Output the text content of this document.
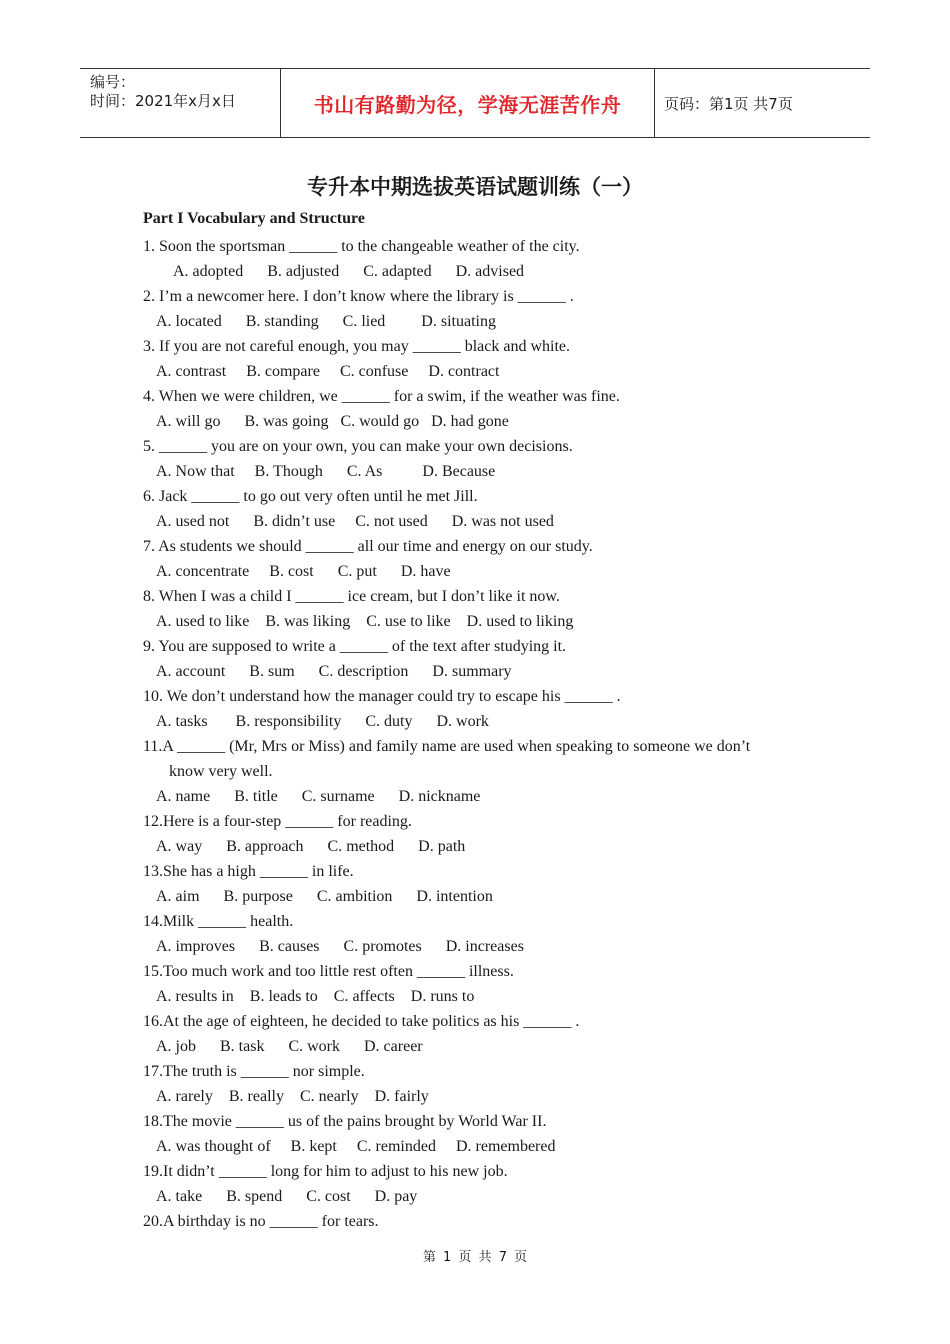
编号：
时间：2021年x月x日	书山有路勤为径，学海无涯苦作舟	页码：第1页 共7页
专升本中期选拔英语试题训练（一）
Part I Vocabulary and Structure
1. Soon the sportsman ______ to the changeable weather of the city.
A. adopted      B. adjusted      C. adapted      D. advised
2. I’m a newcomer here. I don’t know where the library is ______ .
A. located      B. standing      C. lied         D. situating
3. If you are not careful enough, you may ______ black and white.
A. contrast     B. compare     C. confuse     D. contract
4. When we were children, we ______ for a swim, if the weather was fine.
A. will go      B. was going   C. would go   D. had gone
5. ______ you are on your own, you can make your own decisions.
A. Now that     B. Though      C. As          D. Because
6. Jack ______ to go out very often until he met Jill.
A. used not      B. didn’t use     C. not used      D. was not used
7. As students we should ______ all our time and energy on our study.
A. concentrate     B. cost      C. put      D. have
8. When I was a child I ______ ice cream, but I don’t like it now.
A. used to like    B. was liking    C. use to like    D. used to liking
9. You are supposed to write a ______ of the text after studying it.
A. account      B. sum      C. description      D. summary
10. We don’t understand how the manager could try to escape his ______ .
A. tasks       B. responsibility      C. duty      D. work
11.A ______ (Mr, Mrs or Miss) and family name are used when speaking to someone we don’t
know very well.
A. name      B. title      C. surname      D. nickname
12.Here is a four-step ______ for reading.
A. way      B. approach      C. method      D. path
13.She has a high ______ in life.
A. aim      B. purpose      C. ambition      D. intention
14.Milk ______ health.
A. improves      B. causes      C. promotes      D. increases
15.Too much work and too little rest often ______ illness.
A. results in    B. leads to    C. affects    D. runs to
16.At the age of eighteen, he decided to take politics as his ______ .
A. job      B. task      C. work      D. career
17.The truth is ______ nor simple.
A. rarely    B. really    C. nearly    D. fairly
18.The movie ______ us of the pains brought by World War II.
A. was thought of     B. kept     C. reminded     D. remembered
19.It didn’t ______ long for him to adjust to his new job.
A. take      B. spend      C. cost      D. pay
20.A birthday is no ______ for tears.
第 1 页 共 7 页
